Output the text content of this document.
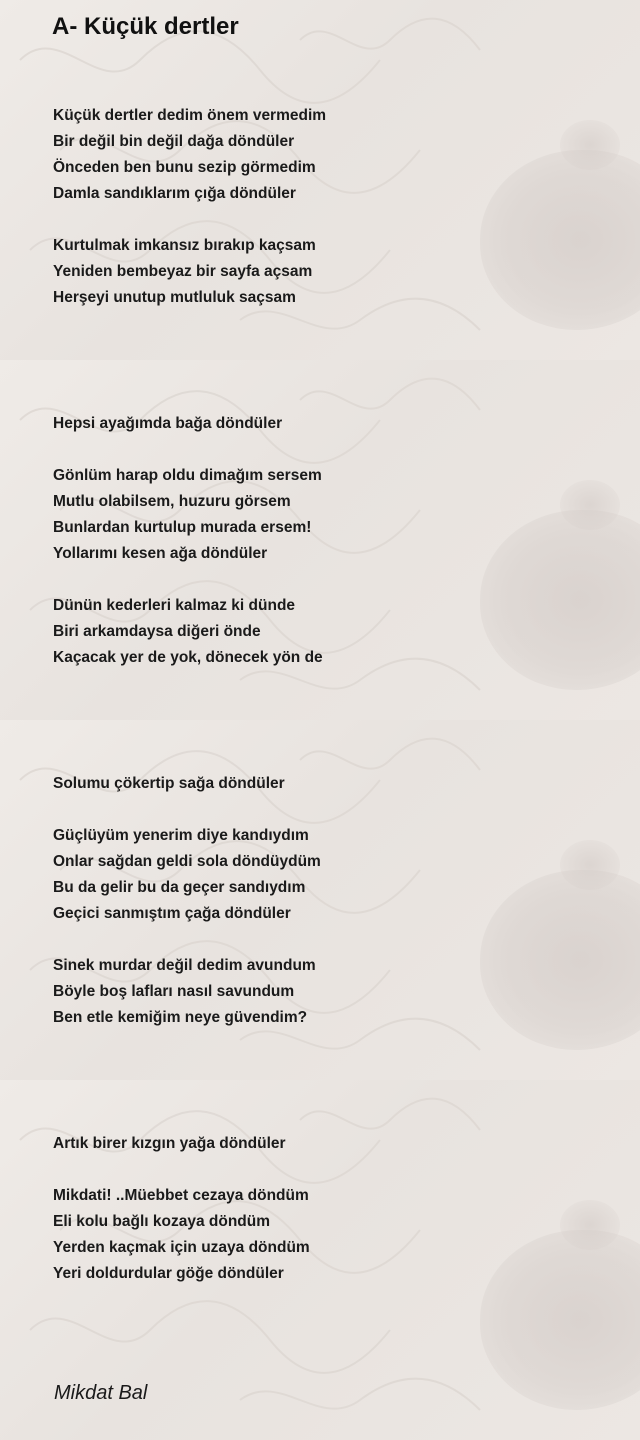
A- Küçük dertler
Küçük dertler dedim önem vermedim
Bir değil bin değil dağa döndüler
Önceden ben bunu sezip görmedim
Damla sandıklarım çığa döndüler
Kurtulmak imkansız bırakıp kaçsam
Yeniden bembeyaz bir sayfa açsam
Herşeyi unutup mutluluk saçsam
Hepsi ayağımda bağa döndüler
Gönlüm harap oldu dimağım sersem
Mutlu olabilsem, huzuru görsem
Bunlardan kurtulup murada ersem!
Yollarımı kesen ağa döndüler
Dünün kederleri kalmaz ki dünde
Biri arkamdaysa diğeri önde
Kaçacak yer de yok, dönecek yön de
Solumu çökertip sağa döndüler
Güçlüyüm yenerim diye kandıydım
Onlar sağdan geldi sola döndüydüm
Bu da gelir bu da geçer sandıydım
Geçici sanmıştım çağa döndüler
Sinek murdar değil dedim avundum
Böyle boş lafları nasıl savundum
Ben etle kemiğim neye güvendim?
Artık birer kızgın yağa döndüler
Mikdati! ..Müebbet cezaya döndüm
Eli kolu bağlı kozaya döndüm
Yerden kaçmak için uzaya döndüm
Yeri doldurdular göğe döndüler
Mikdat Bal
